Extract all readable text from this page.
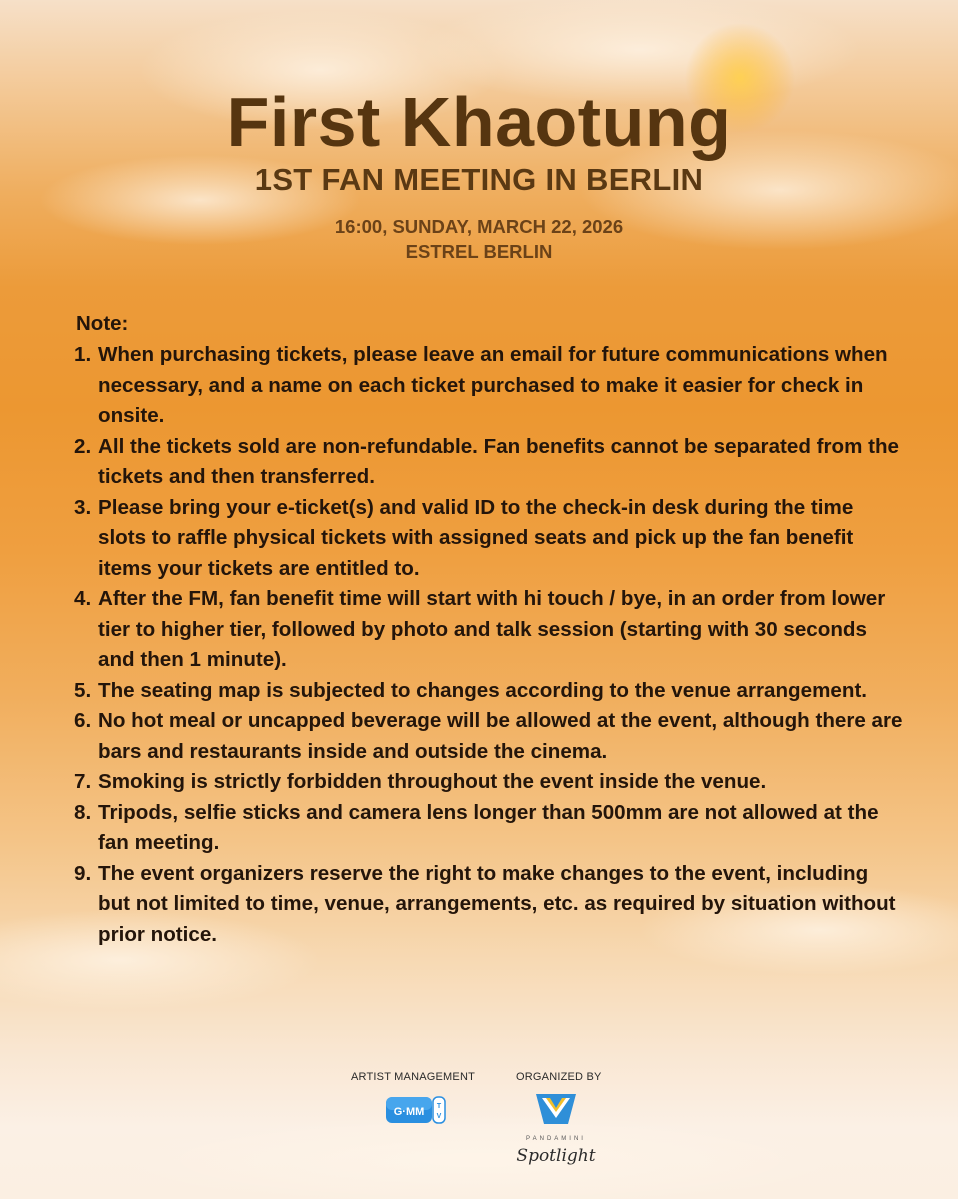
First Khaotung
1ST FAN MEETING IN BERLIN
16:00, SUNDAY, MARCH 22, 2026
ESTREL BERLIN
Note:
1. When purchasing tickets, please leave an email for future communications when necessary, and a name on each ticket purchased to make it easier for check in onsite.
2. All the tickets sold are non-refundable. Fan benefits cannot be separated from the tickets and then transferred.
3. Please bring your e-ticket(s) and valid ID to the check-in desk during the time slots to raffle physical tickets with assigned seats and pick up the fan benefit items your tickets are entitled to.
4. After the FM, fan benefit time will start with hi touch / bye, in an order from lower tier to higher tier, followed by photo and talk session (starting with 30 seconds and then 1 minute).
5. The seating map is subjected to changes according to the venue arrangement.
6. No hot meal or uncapped beverage will be allowed at the event, although there are bars and restaurants inside and outside the cinema.
7. Smoking is strictly forbidden throughout the event inside the venue.
8. Tripods, selfie sticks and camera lens longer than 500mm are not allowed at the fan meeting.
9. The event organizers reserve the right to make changes to the event, including but not limited to time, venue, arrangements, etc. as required by situation without prior notice.
ARTIST MANAGEMENT	ORGANIZED BY
G·MM T
V
PANDAMINI
Spotlight
